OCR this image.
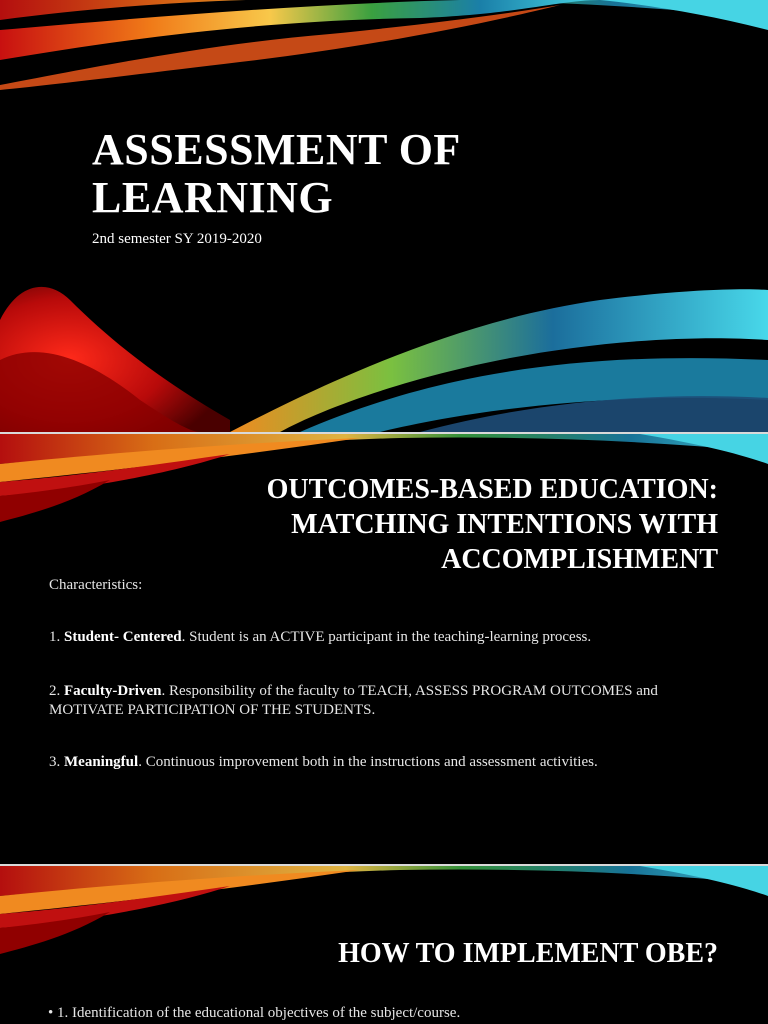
ASSESSMENT OF
LEARNING

2nd semester SY 2019-2020

OUTCOMES-BASED EDUCATION:
MATCHING INTENTIONS WITH
ACCOMPLISHMENT

Characteristics:

1. Student- Centered. Student is an ACTIVE participant in the teaching-learning process.

2. Faculty-Driven. Responsibility of the faculty to TEACH, ASSESS PROGRAM OUTCOMES and MOTIVATE PARTICIPATION OF THE STUDENTS.

3. Meaningful. Continuous improvement both in the instructions and assessment activities.

HOW TO IMPLEMENT OBE?

• 1. Identification of the educational objectives of the subject/course.
